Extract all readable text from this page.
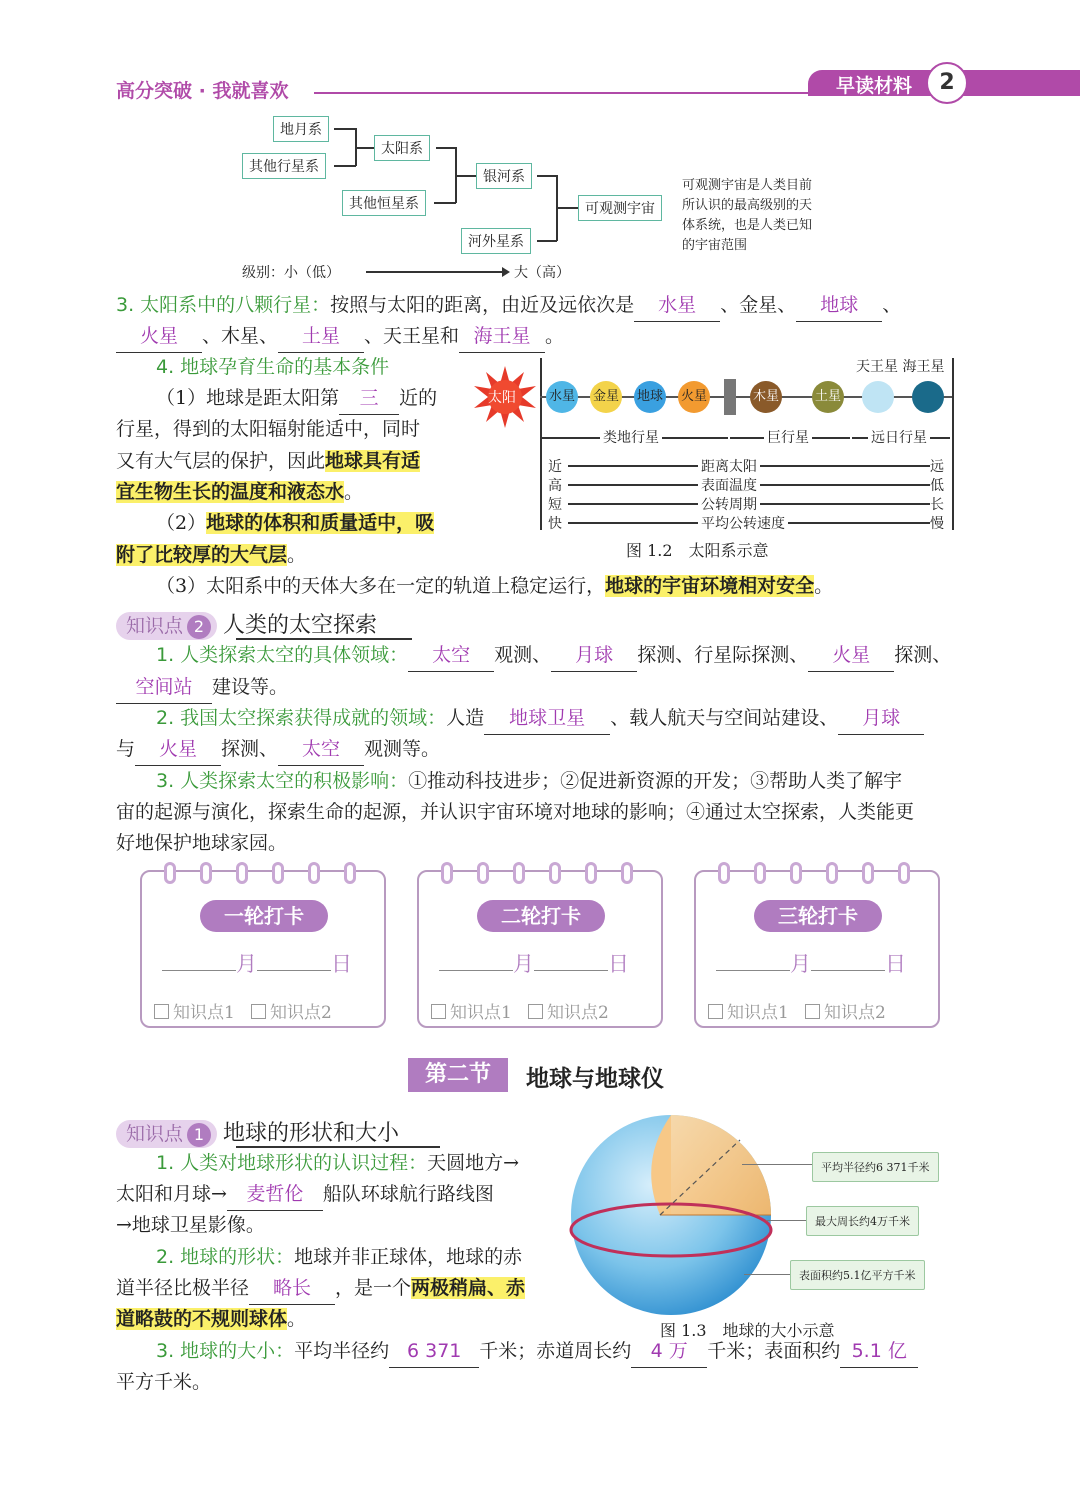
高分突破 · 我就喜欢	早读材料	2
地月系
其他行星系
太阳系
其他恒星系
银河系
河外星系
可观测宇宙
可观测宇宙是人类目前
所认识的最高级别的天
体系统，也是人类已知
的宇宙范围
级别：小（低）	大（高）
3. 太阳系中的八颗行星：按照与太阳的距离，由近及远依次是 水星 、金星、 地球 、
火星 、木星、 土星 、天王星和 海王星 。
4. 地球孕育生命的基本条件
（1）地球是距太阳第 三 近的
行星，得到的太阳辐射能适中，同时
又有大气层的保护，因此地球具有适
宜生物生长的温度和液态水。
（2）地球的体积和质量适中，吸
附了比较厚的大气层。
（3）太阳系中的天体大多在一定的轨道上稳定运行，地球的宇宙环境相对安全。
天王星 海王星
太阳	水星 金星 地球 火星	木星	土星
类地行星	巨行星	远日行星
近	距离太阳	远
高	表面温度	低
短	公转周期	长
快	平均公转速度	慢
图 1.2　太阳系示意
知识点 2 人类的太空探索
1. 人类探索太空的具体领域： 太空 观测、 月球 探测、行星际探测、 火星 探测、
空间站 建设等。
2. 我国太空探索获得成就的领域：人造 地球卫星 、载人航天与空间站建设、 月球
与 火星 探测、 太空 观测等。
3. 人类探索太空的积极影响：①推动科技进步；②促进新资源的开发；③帮助人类了解宇
宙的起源与演化，探索生命的起源，并认识宇宙环境对地球的影响；④通过太空探索，人类能更
好地保护地球家园。
一轮打卡
月	日
知识点1 知识点2
二轮打卡
月	日
知识点1 知识点2
三轮打卡
月	日
知识点1 知识点2
第二节	地球与地球仪
知识点 1 地球的形状和大小
1. 人类对地球形状的认识过程：天圆地方→
太阳和月球→ 麦哲伦 船队环球航行路线图
→地球卫星影像。
2. 地球的形状：地球并非正球体，地球的赤
道半径比极半径 略长 ，是一个两极稍扁、赤
道略鼓的不规则球体。
3. 地球的大小：平均半径约 6 371 千米；赤道周长约 4 万 千米；表面积约 5.1 亿
平方千米。
平均半径约6 371千米
最大周长约4万千米
表面积约5.1亿平方千米
图 1.3　地球的大小示意
